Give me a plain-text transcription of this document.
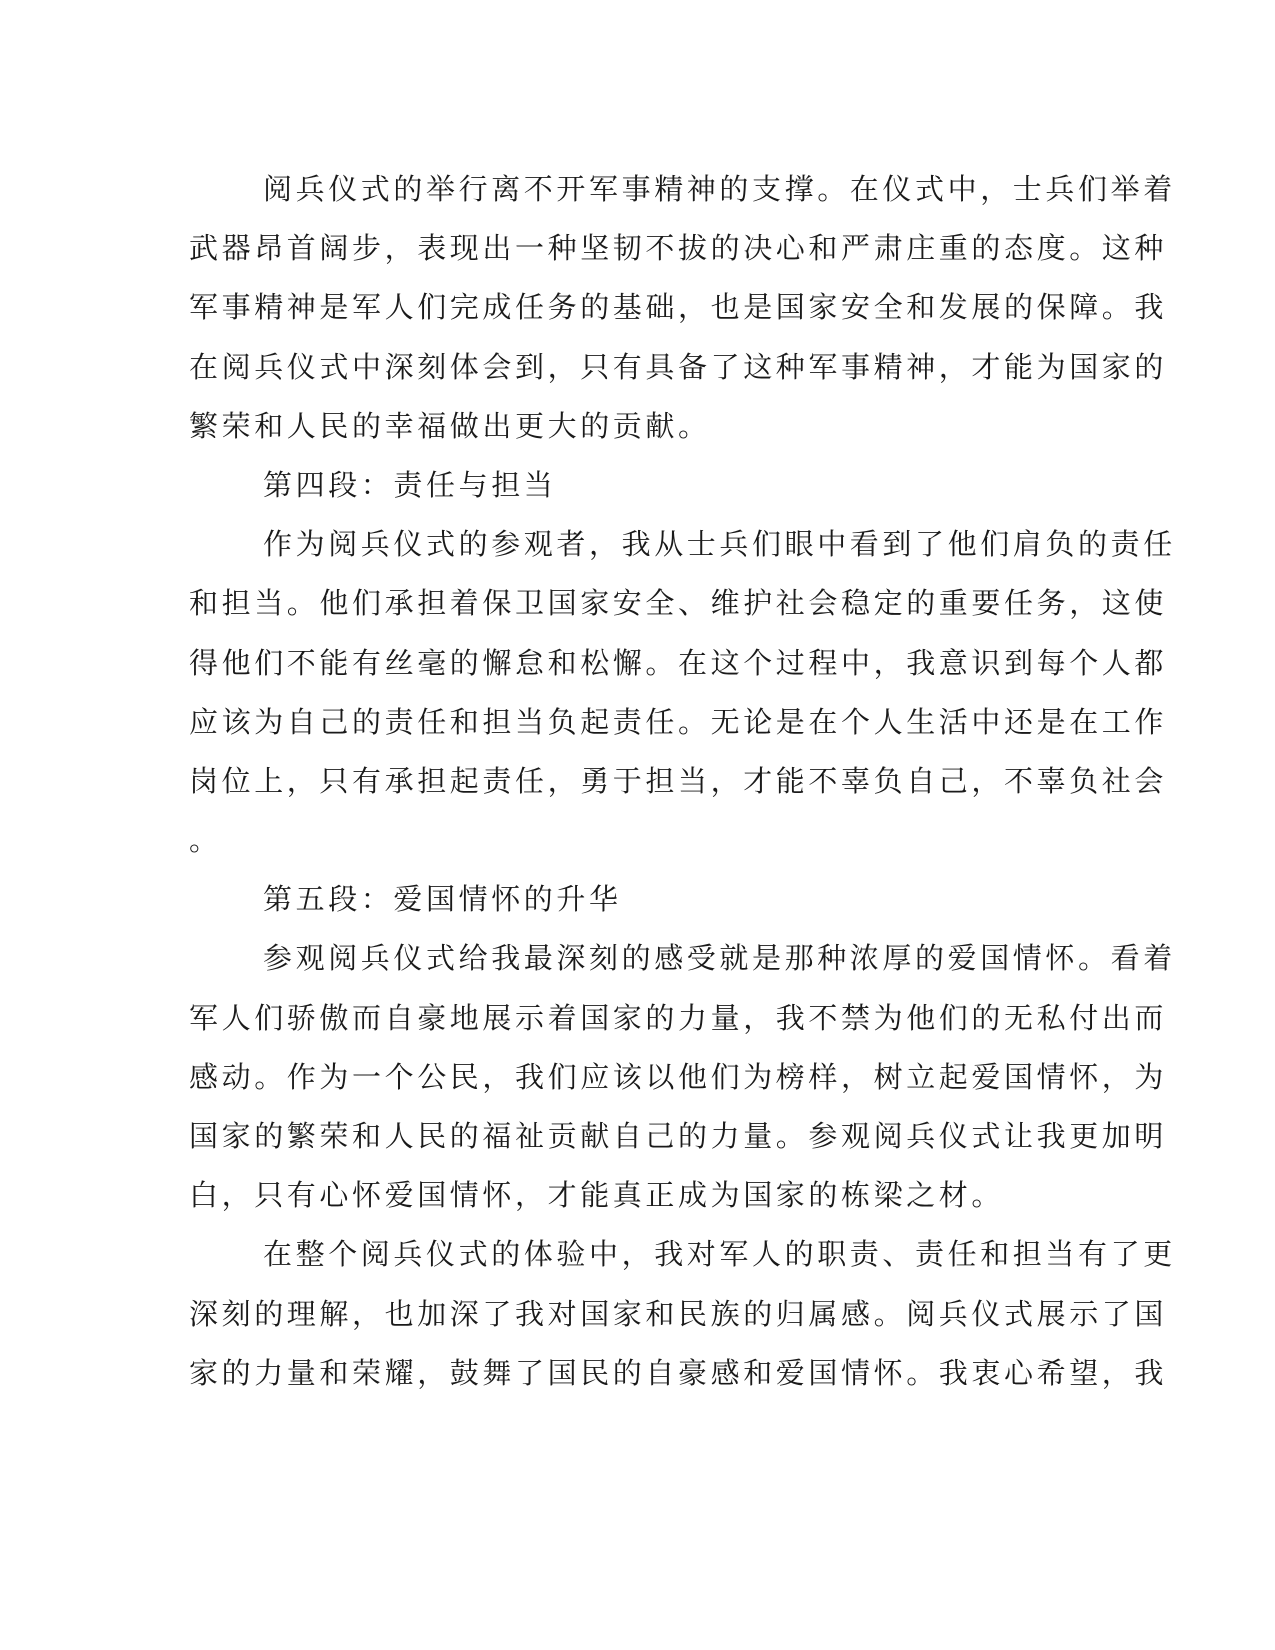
阅兵仪式的举行离不开军事精神的支撑。在仪式中，士兵们举着
武器昂首阔步，表现出一种坚韧不拔的决心和严肃庄重的态度。这种
军事精神是军人们完成任务的基础，也是国家安全和发展的保障。我
在阅兵仪式中深刻体会到，只有具备了这种军事精神，才能为国家的
繁荣和人民的幸福做出更大的贡献。
第四段：责任与担当
作为阅兵仪式的参观者，我从士兵们眼中看到了他们肩负的责任
和担当。他们承担着保卫国家安全、维护社会稳定的重要任务，这使
得他们不能有丝毫的懈怠和松懈。在这个过程中，我意识到每个人都
应该为自己的责任和担当负起责任。无论是在个人生活中还是在工作
岗位上，只有承担起责任，勇于担当，才能不辜负自己，不辜负社会
。
第五段：爱国情怀的升华
参观阅兵仪式给我最深刻的感受就是那种浓厚的爱国情怀。看着
军人们骄傲而自豪地展示着国家的力量，我不禁为他们的无私付出而
感动。作为一个公民，我们应该以他们为榜样，树立起爱国情怀，为
国家的繁荣和人民的福祉贡献自己的力量。参观阅兵仪式让我更加明
白，只有心怀爱国情怀，才能真正成为国家的栋梁之材。
在整个阅兵仪式的体验中，我对军人的职责、责任和担当有了更
深刻的理解，也加深了我对国家和民族的归属感。阅兵仪式展示了国
家的力量和荣耀，鼓舞了国民的自豪感和爱国情怀。我衷心希望，我
